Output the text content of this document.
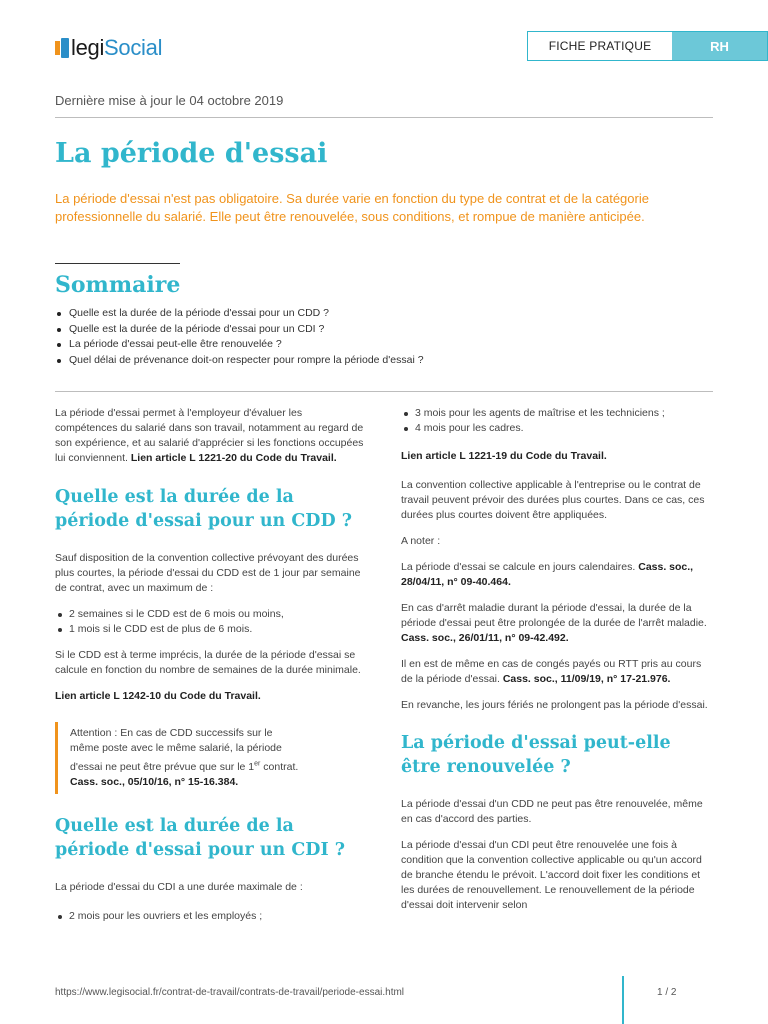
legiSocial	FICHE PRATIQUE	RH
Dernière mise à jour le 04 octobre 2019
La période d'essai

La période d'essai n'est pas obligatoire. Sa durée varie en fonction du type de contrat et de la catégorie professionnelle du salarié. Elle peut être renouvelée, sous conditions, et rompue de manière anticipée.

Sommaire
Quelle est la durée de la période d'essai pour un CDD ?
Quelle est la durée de la période d'essai pour un CDI ?
La période d'essai peut-elle être renouvelée ?
Quel délai de prévenance doit-on respecter pour rompre la période d'essai ?

La période d'essai permet à l'employeur d'évaluer les compétences du salarié dans son travail, notamment au regard de son expérience, et au salarié d'apprécier si les fonctions occupées lui conviennent. Lien article L 1221-20 du Code du Travail.

Quelle est la durée de la période d'essai pour un CDD ?

Sauf disposition de la convention collective prévoyant des durées plus courtes, la période d'essai du CDD est de 1 jour par semaine de contrat, avec un maximum de :

2 semaines si le CDD est de 6 mois ou moins,
1 mois si le CDD est de plus de 6 mois.

Si le CDD est à terme imprécis, la durée de la période d'essai se calcule en fonction du nombre de semaines de la durée minimale.

Lien article L 1242-10 du Code du Travail.

Attention : En cas de CDD successifs sur le
même poste avec le même salarié, la période
d'essai ne peut être prévue que sur le 1er contrat.
Cass. soc., 05/10/16, n° 15-16.384.
Quelle est la durée de la période d'essai pour un CDI ?

La période d'essai du CDI a une durée maximale de :

2 mois pour les ouvriers et les employés ;
3 mois pour les agents de maîtrise et les techniciens ;
4 mois pour les cadres.

Lien article L 1221-19 du Code du Travail.

La convention collective applicable à l'entreprise ou le contrat de travail peuvent prévoir des durées plus courtes. Dans ce cas, ces durées plus courtes doivent être appliquées.

A noter :

La période d'essai se calcule en jours calendaires. Cass. soc., 28/04/11, n° 09-40.464.

En cas d'arrêt maladie durant la période d'essai, la durée de la période d'essai peut être prolongée de la durée de l'arrêt maladie. Cass. soc., 26/01/11, n° 09-42.492.

Il en est de même en cas de congés payés ou RTT pris au cours de la période d'essai. Cass. soc., 11/09/19, n° 17-21.976.

En revanche, les jours fériés ne prolongent pas la période d'essai.

La période d'essai peut-elle être renouvelée ?

La période d'essai d'un CDD ne peut pas être renouvelée, même en cas d'accord des parties.

La période d'essai d'un CDI peut être renouvelée une fois à condition que la convention collective applicable ou qu'un accord de branche étendu le prévoit. L'accord doit fixer les conditions et les durées de renouvellement. Le renouvellement de la période d'essai doit intervenir selon

https://www.legisocial.fr/contrat-de-travail/contrats-de-travail/periode-essai.html	1 / 2
